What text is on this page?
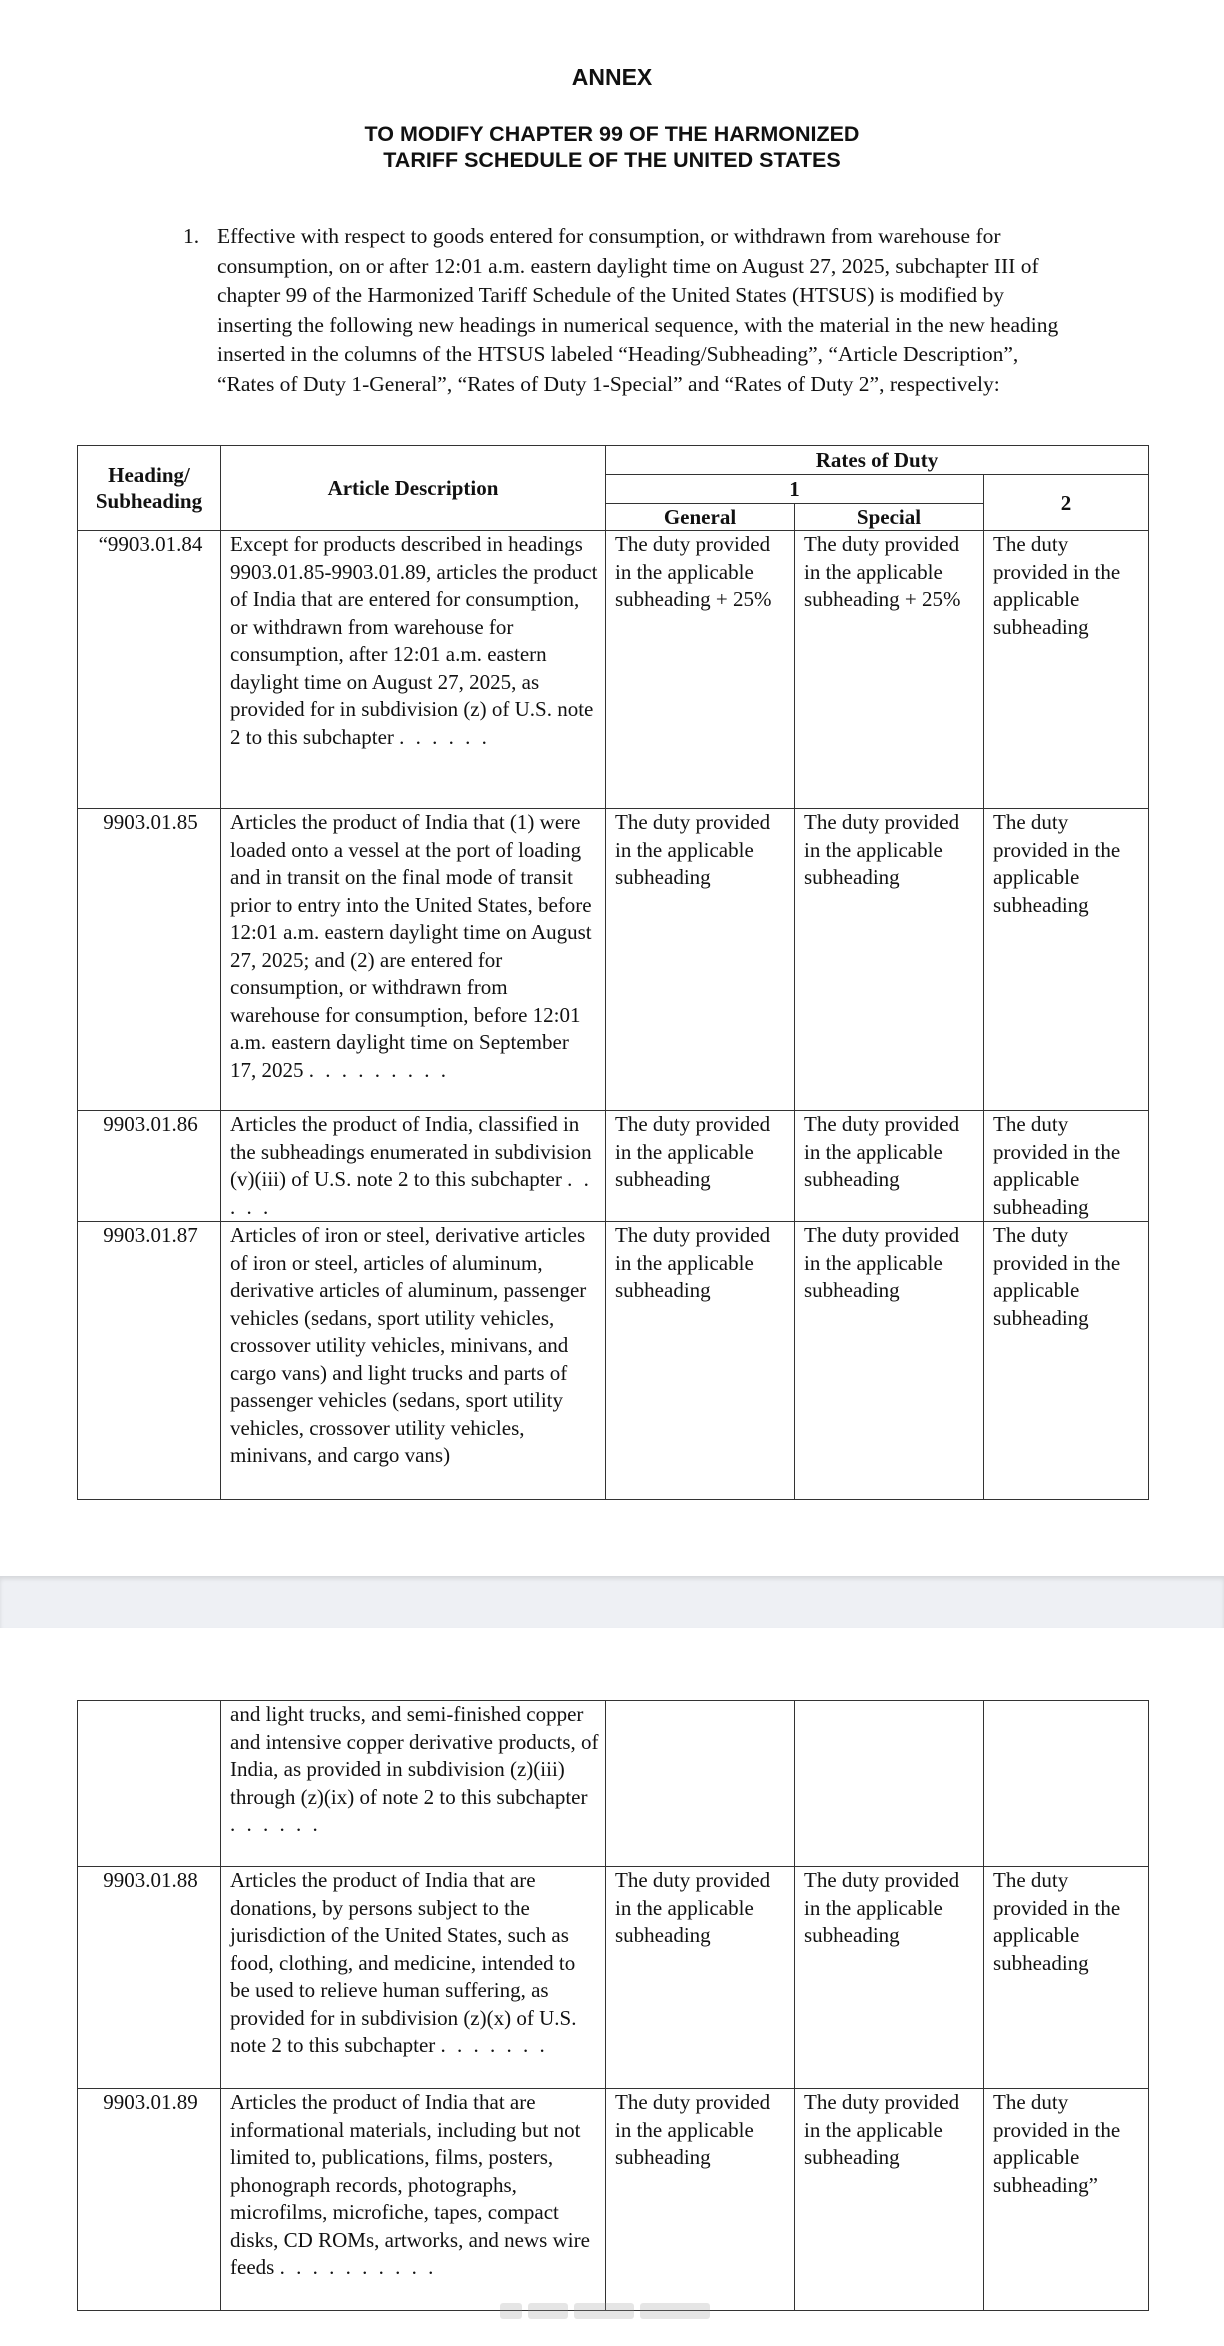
ANNEX
TO MODIFY CHAPTER 99 OF THE HARMONIZED
TARIFF SCHEDULE OF THE UNITED STATES
1. Effective with respect to goods entered for consumption, or withdrawn from warehouse for consumption, on or after 12:01 a.m. eastern daylight time on August 27, 2025, subchapter III of chapter 99 of the Harmonized Tariff Schedule of the United States (HTSUS) is modified by inserting the following new headings in numerical sequence, with the material in the new heading inserted in the columns of the HTSUS labeled “Heading/Subheading”, “Article Description”, “Rates of Duty 1-General”, “Rates of Duty 1-Special” and “Rates of Duty 2”, respectively:
Heading/ Subheading	Article Description	Rates of Duty		
		1		2
		General	Special	
“9903.01.84	Except for products described in headings 9903.01.85-9903.01.89, articles the product of India that are entered for consumption, or withdrawn from warehouse for consumption, after 12:01 a.m. eastern daylight time on August 27, 2025, as provided for in subdivision (z) of U.S. note 2 to this subchapter . . . . . .	The duty provided in the applicable subheading + 25%	The duty provided in the applicable subheading + 25%	The duty provided in the applicable subheading
9903.01.85	Articles the product of India that (1) were loaded onto a vessel at the port of loading and in transit on the final mode of transit prior to entry into the United States, before 12:01 a.m. eastern daylight time on August 27, 2025; and (2) are entered for consumption, or withdrawn from warehouse for consumption, before 12:01 a.m. eastern daylight time on September 17, 2025 . . . . . . . . .	The duty provided in the applicable subheading	The duty provided in the applicable subheading	The duty provided in the applicable subheading
9903.01.86	Articles the product of India, classified in the subheadings enumerated in subdivision (v)(iii) of U.S. note 2 to this subchapter . . . . .	The duty provided in the applicable subheading	The duty provided in the applicable subheading	The duty provided in the applicable subheading
9903.01.87	Articles of iron or steel, derivative articles of iron or steel, articles of aluminum, derivative articles of aluminum, passenger vehicles (sedans, sport utility vehicles, crossover utility vehicles, minivans, and cargo vans) and light trucks and parts of passenger vehicles (sedans, sport utility vehicles, crossover utility vehicles, minivans, and cargo vans)	The duty provided in the applicable subheading	The duty provided in the applicable subheading	The duty provided in the applicable subheading
	and light trucks, and semi-finished copper and intensive copper derivative products, of India, as provided in subdivision (z)(iii) through (z)(ix) of note 2 to this subchapter . . . . . .			
9903.01.88	Articles the product of India that are donations, by persons subject to the jurisdiction of the United States, such as food, clothing, and medicine, intended to be used to relieve human suffering, as provided for in subdivision (z)(x) of U.S. note 2 to this subchapter . . . . . . .	The duty provided in the applicable subheading	The duty provided in the applicable subheading	The duty provided in the applicable subheading
9903.01.89	Articles the product of India that are informational materials, including but not limited to, publications, films, posters, phonograph records, photographs, microfilms, microfiche, tapes, compact disks, CD ROMs, artworks, and news wire feeds . . . . . . . . . .	The duty provided in the applicable subheading	The duty provided in the applicable subheading	The duty provided in the applicable subheading”
